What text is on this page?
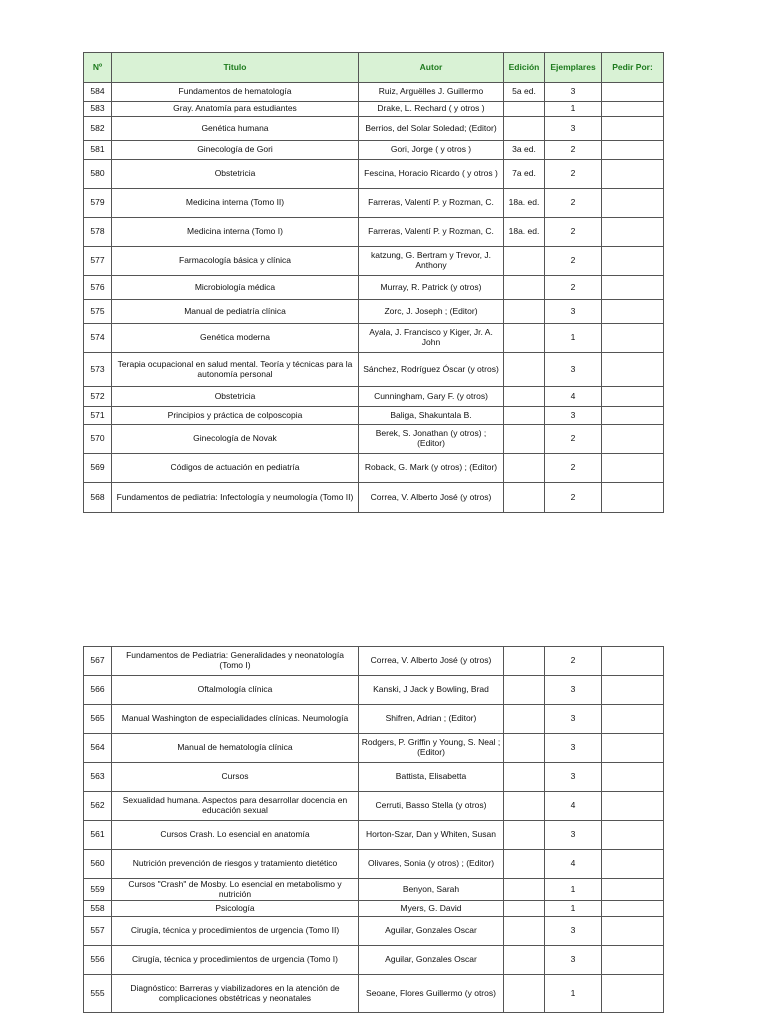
Nº	Titulo	Autor	Edición	Ejemplares	Pedir Por:
584	Fundamentos de hematología	Ruiz, Arguëlles J. Guillermo	5a ed.	3	
583	Gray. Anatomía para estudiantes	Drake, L. Rechard ( y otros )		1	
582	Genética humana	Berrios, del Solar Soledad; (Editor)		3	
581	Ginecología de Gori	Gori, Jorge ( y otros )	3a ed.	2	
580	Obstetricia	Fescina, Horacio Ricardo ( y otros )	7a ed.	2	
579	Medicina interna (Tomo II)	Farreras, Valentí P. y Rozman, C.	18a. ed.	2	
578	Medicina interna (Tomo I)	Farreras, Valentí P. y Rozman, C.	18a. ed.	2	
577	Farmacología básica y clínica	katzung, G. Bertram y Trevor, J. Anthony		2	
576	Microbiología médica	Murray, R. Patrick (y otros)		2	
575	Manual de pediatría clínica	Zorc, J. Joseph ; (Editor)		3	
574	Genética moderna	Ayala, J. Francisco y Kiger, Jr. A. John		1	
573	Terapia ocupacional en salud mental. Teoría y técnicas para la autonomía personal	Sánchez, Rodríguez Óscar (y otros)		3	
572	Obstetricia	Cunningham, Gary F. (y otros)		4	
571	Principios y práctica de colposcopia	Baliga, Shakuntala B.		3	
570	Ginecología de Novak	Berek, S. Jonathan (y otros) ; (Editor)		2	
569	Códigos de actuación en pediatría	Roback, G. Mark (y otros) ; (Editor)		2	
568	Fundamentos de pediatria: Infectología y neumología (Tomo II)	Correa, V. Alberto José (y otros)		2	
567	Fundamentos de Pediatria: Generalidades y neonatología (Tomo I)	Correa, V. Alberto José (y otros)		2	
566	Oftalmología clínica	Kanski, J Jack y Bowling, Brad		3	
565	Manual Washington de especialidades clínicas. Neumología	Shifren, Adrian ; (Editor)		3	
564	Manual de hematología clínica	Rodgers, P. Griffin y Young, S. Neal ; (Editor)		3	
563	Cursos	Battista, Elisabetta		3	
562	Sexualidad humana. Aspectos para desarrollar docencia en educación sexual	Cerruti, Basso Stella (y otros)		4	
561	Cursos Crash. Lo esencial en anatomía	Horton-Szar, Dan y Whiten, Susan		3	
560	Nutrición prevención de riesgos y tratamiento dietético	Olivares, Sonia (y otros) ; (Editor)		4	
559	Cursos "Crash" de Mosby. Lo esencial en metabolismo y nutrición	Benyon, Sarah		1	
558	Psicología	Myers, G. David		1	
557	Cirugía, técnica y procedimientos de urgencia (Tomo II)	Aguilar, Gonzales Oscar		3	
556	Cirugía, técnica y procedimientos de urgencia (Tomo I)	Aguilar, Gonzales Oscar		3	
555	Diagnóstico: Barreras y viabilizadores en la atención de complicaciones obstétricas y neonatales	Seoane, Flores Guillermo (y otros)		1	
